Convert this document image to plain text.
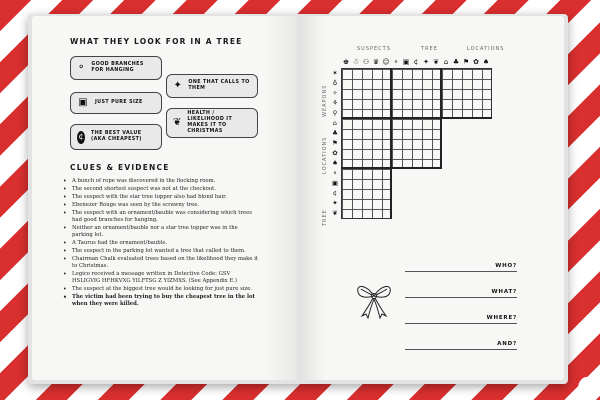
WHAT THEY LOOK FOR IN A TREE
⚬ GOOD BRANCHES FOR HANGING
▣ JUST PURE SIZE
¢	THE BEST VALUE (AKA CHEAPEST)
✦ ONE THAT CALLS TO THEM
❦
HEALTH / LIKELIHOOD IT MAKES IT TO CHRISTMAS
CLUES & EVIDENCE
• A bunch of rope was discovered in the flocking room.
• The second shortest suspect was not at the checkout.
• The suspect with the star tree topper also had blond hair.
• Ebenezer Rouge was seen by the scrawny tree.
• The suspect with an ornament/bauble was considering which trees had good branches for hanging.
• Neither an ornament/bauble nor a star tree topper was in the parking lot.
• A Taurus had the ornament/bauble.
• The suspect in the parking lot wanted a tree that called to them.
• Chairman Chalk evaluated trees based on the likelihood they make it to Christmas.
• Logico received a message written in Detective Code: GSV HSLIGVIG HFHKVXG YILFTSG Z YIZMXS. (See Appendix E.)
• The suspect at the biggest tree would be looking for just pure size.
• The victim had been trying to buy the cheapest tree in the lot when they were killed.
SUSPECTS	TREE	LOCATIONS
WEAPONS
LOCATIONS
TREE
♚ ☃ ⚇ ♛ ☺ ⚬ ▣ ¢ ✦ ❦ ⌂ ♣ ⚑ ✿ ♠
✶
♁
✧
⚘
⚲
⌂
♣
⚑
✿
♠
⚬
▣
¢
✦
❦
WHO?
WHAT?
WHERE?
AND?
